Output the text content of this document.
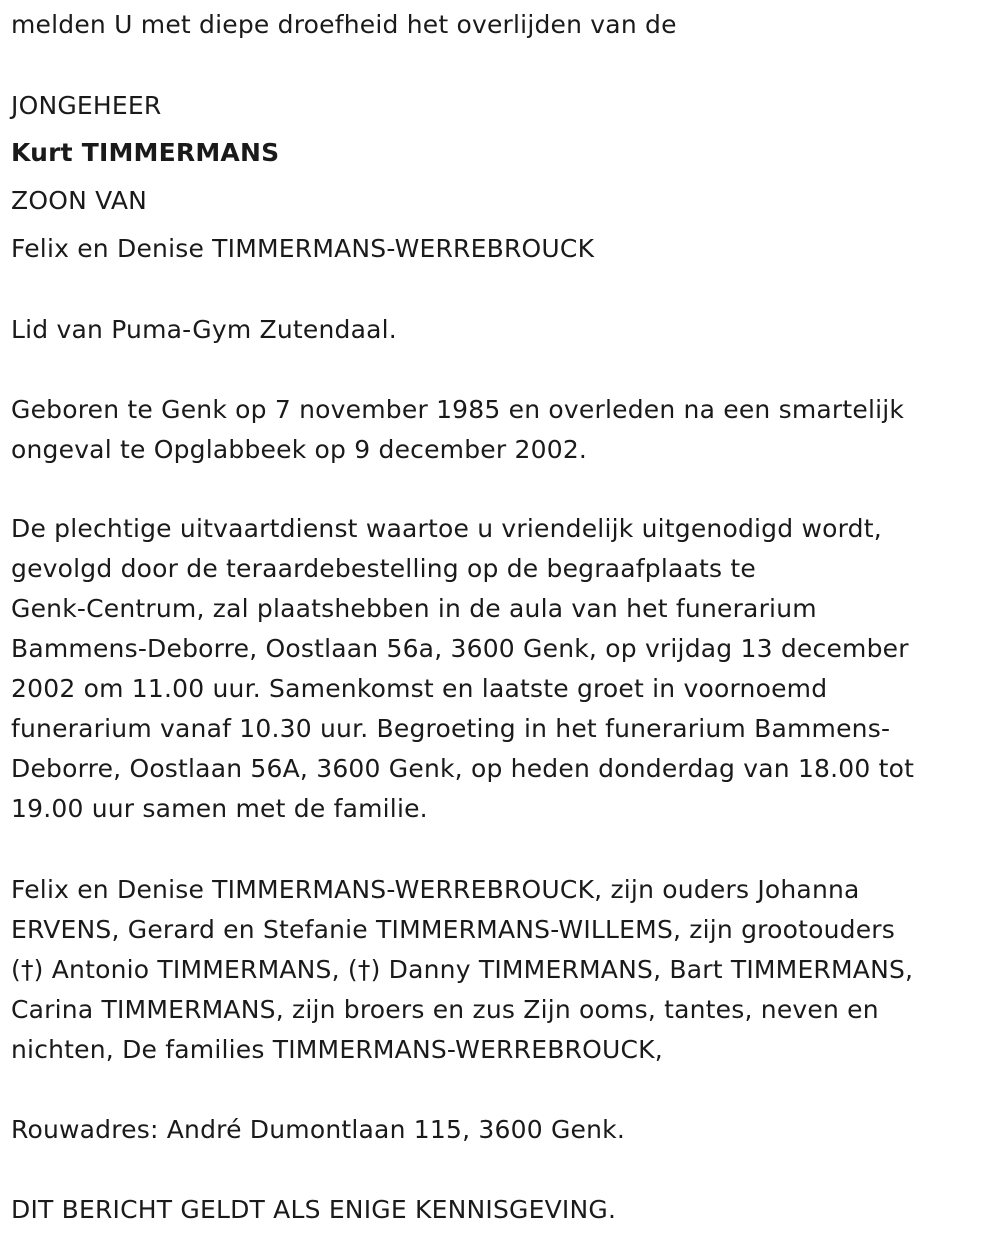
melden U met diepe droefheid het overlijden van de
JONGEHEER
Kurt TIMMERMANS
ZOON VAN
Felix en Denise TIMMERMANS-WERREBROUCK
Lid van Puma-Gym Zutendaal.
Geboren te Genk op 7 november 1985 en overleden na een smartelijk
ongeval te Opglabbeek op 9 december 2002.
De plechtige uitvaartdienst waartoe u vriendelijk uitgenodigd wordt,
gevolgd door de teraardebestelling op de begraafplaats te
Genk-Centrum, zal plaatshebben in de aula van het funerarium
Bammens-Deborre, Oostlaan 56a, 3600 Genk, op vrijdag 13 december
2002 om 11.00 uur. Samenkomst en laatste groet in voornoemd
funerarium vanaf 10.30 uur. Begroeting in het funerarium Bammens-
Deborre, Oostlaan 56A, 3600 Genk, op heden donderdag van 18.00 tot
19.00 uur samen met de familie.
Felix en Denise TIMMERMANS-WERREBROUCK, zijn ouders Johanna
ERVENS, Gerard en Stefanie TIMMERMANS-WILLEMS, zijn grootouders
(†) Antonio TIMMERMANS, (†) Danny TIMMERMANS, Bart TIMMERMANS,
Carina TIMMERMANS, zijn broers en zus Zijn ooms, tantes, neven en
nichten, De families TIMMERMANS-WERREBROUCK,
Rouwadres: André Dumontlaan 115, 3600 Genk.
DIT BERICHT GELDT ALS ENIGE KENNISGEVING.
